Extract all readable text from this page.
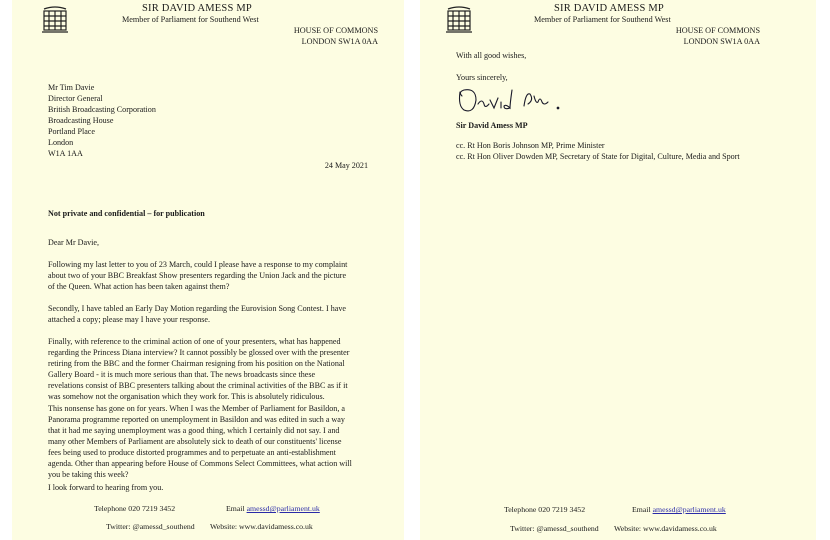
SIR DAVID AMESS MP
Member of Parliament for Southend West
HOUSE OF COMMONS
LONDON SW1A 0AA
Mr Tim Davie
Director General
British Broadcasting Corporation
Broadcasting House
Portland Place
London
W1A 1AA
24 May 2021
Not private and confidential – for publication
Dear Mr Davie,
Following my last letter to you of 23 March, could I please have a response to my complaint
about two of your BBC Breakfast Show presenters regarding the Union Jack and the picture
of the Queen. What action has been taken against them?
Secondly, I have tabled an Early Day Motion regarding the Eurovision Song Contest. I have
attached a copy; please may I have your response.
Finally, with reference to the criminal action of one of your presenters, what has happened
regarding the Princess Diana interview? It cannot possibly be glossed over with the presenter
retiring from the BBC and the former Chairman resigning from his position on the National
Gallery Board - it is much more serious than that. The news broadcasts since these
revelations consist of BBC presenters talking about the criminal activities of the BBC as if it
was somehow not the organisation which they work for. This is absolutely ridiculous.
This nonsense has gone on for years. When I was the Member of Parliament for Basildon, a
Panorama programme reported on unemployment in Basildon and was edited in such a way
that it had me saying unemployment was a good thing, which I certainly did not say. I and
many other Members of Parliament are absolutely sick to death of our constituents' license
fees being used to produce distorted programmes and to perpetuate an anti-establishment
agenda. Other than appearing before House of Commons Select Committees, what action will
you be taking this week?
I look forward to hearing from you.
Telephone 020 7219 3452	Email amessd@parliament.uk
Twitter: @amessd_southend Website: www.davidamess.co.uk
SIR DAVID AMESS MP
Member of Parliament for Southend West
HOUSE OF COMMONS
LONDON SW1A 0AA
With all good wishes,
Yours sincerely,
Sir David Amess MP
cc. Rt Hon Boris Johnson MP, Prime Minister
cc. Rt Hon Oliver Dowden MP, Secretary of State for Digital, Culture, Media and Sport
Telephone 020 7219 3452	Email amessd@parliament.uk
Twitter: @amessd_southend Website: www.davidamess.co.uk
